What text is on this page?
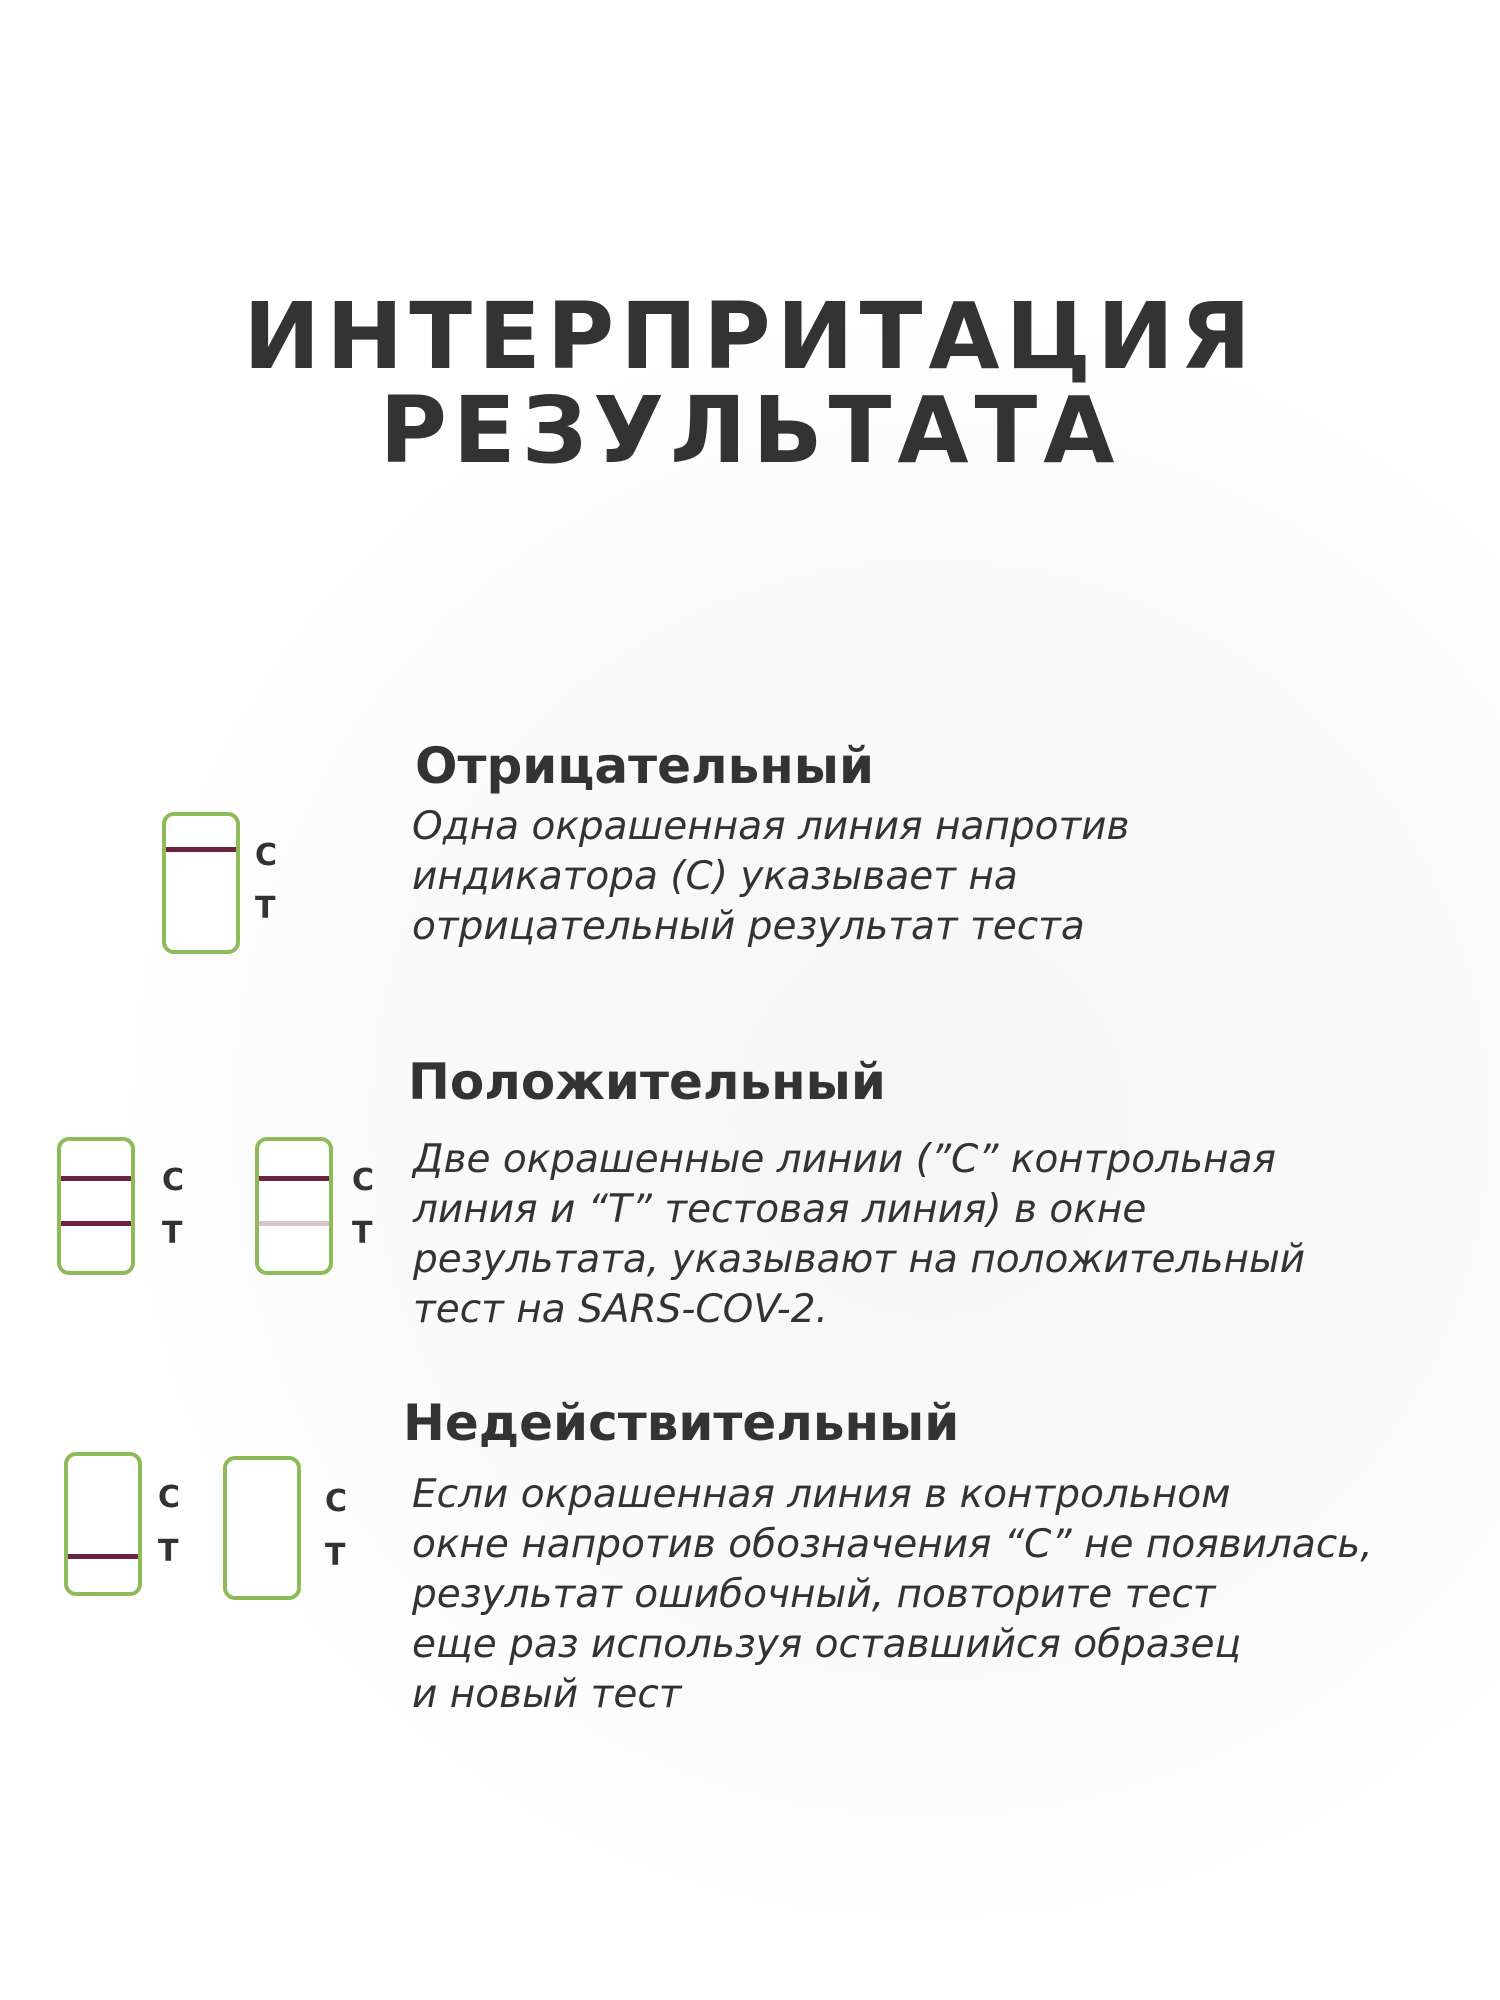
ИНТЕРПРИТАЦИЯ
РЕЗУЛЬТАТА
Отрицательный
Одна окрашенная линия напротив
индикатора (С) указывает на
отрицательный результат теста
C
T
Положительный
Две окрашенные линии (”С” контрольная
линия и “Т” тестовая линия) в окне
результата, указывают на положительный
тест на SARS-COV-2.
C
T
C
T
Недействительный
Если окрашенная линия в контрольном
окне напротив обозначения “С” не появилась,
результат ошибочный, повторите тест
еще раз используя оставшийся образец
и новый тест
C
T
C
T
